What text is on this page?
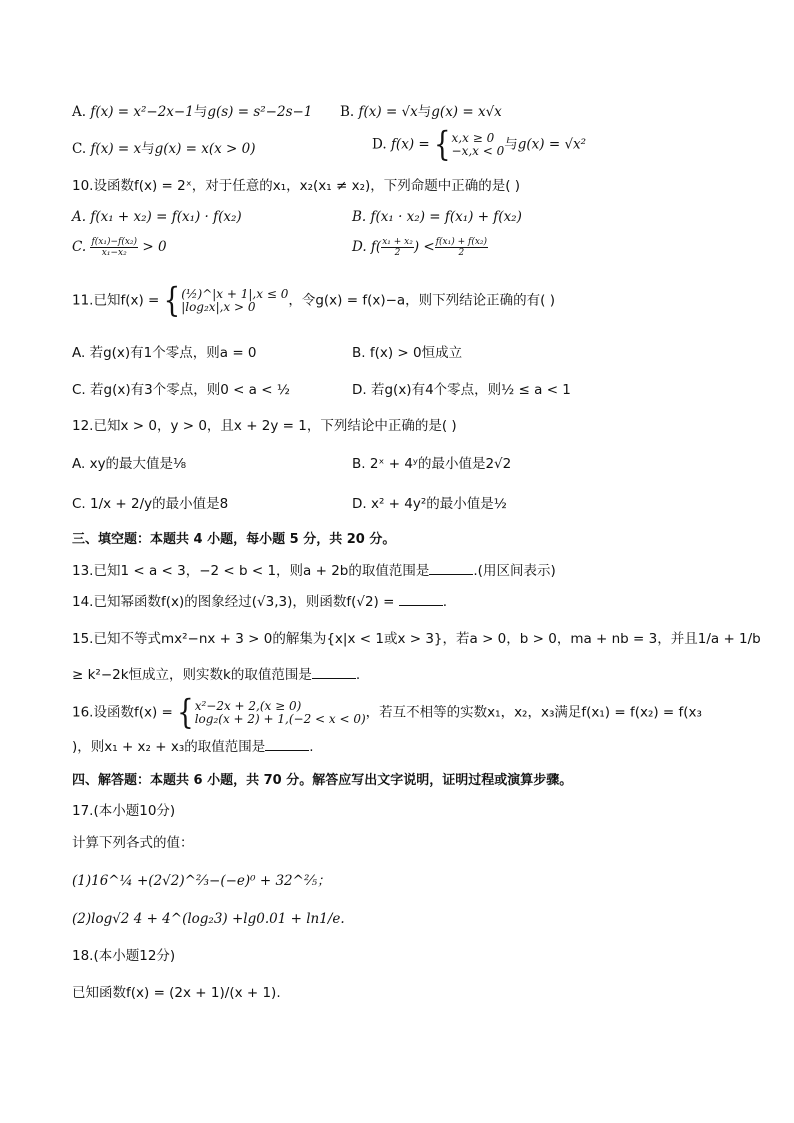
A. f(x) = x²−2x−1与g(s) = s²−2s−1 B. f(x) = √x与g(x) = x√x
C. f(x) = x与g(x) = x(x > 0)	D. f(x) = { x,x ≥ 0
−x,x < 0 与g(x) = √x²
10.设函数f(x) = 2ˣ，对于任意的x₁，x₂(x₁ ≠ x₂)，下列命题中正确的是( )
A. f(x₁ + x₂) = f(x₁) · f(x₂)	B. f(x₁ · x₂) = f(x₁) + f(x₂)
C. $\frac{\text{f(x₁)−f(x₂)}}{\text{x₁−x₂}} > 0$	D. $f( \frac{\text{x₁ + x₂}}{2}$ ) < $\frac{\text{f(x₁) + f(x₂)}}{2}$
11.已知f(x) = { (½)^|x + 1|,x ≤ 0
|log₂x|,x > 0	，令g(x) = f(x)−a，则下列结论正确的有( )
A. 若g(x)有1个零点，则a = 0	B. f(x) > 0恒成立
C. 若g(x)有3个零点，则0 < a < ½	D. 若g(x)有4个零点，则½ ≤ a < 1
12.已知x > 0，y > 0，且x + 2y = 1，下列结论中正确的是( )
A. xy的最大值是⅛	B. 2ˣ + 4ʸ的最小值是2√2
C. 1/x + 2/y的最小值是8	D. x² + 4y²的最小值是½
三、填空题：本题共 4 小题，每小题 5 分，共 20 分。
13.已知1 < a < 3，−2 < b < 1，则a + 2b的取值范围是	.(用区间表示)
14.已知幂函数f(x)的图象经过(√3,3)，则函数f(√2) =	.
15.已知不等式mx²−nx + 3 > 0的解集为{x|x < 1或x > 3}，若a > 0，b > 0，ma + nb = 3，并且1/a + 1/b
≥ k²−2k恒成立，则实数k的取值范围是	.
16.设函数f(x) = { x²−2x + 2,(x ≥ 0)
log₂(x + 2) + 1,(−2 < x < 0) ，若互不相等的实数x₁，x₂，x₃满足f(x₁) = f(x₂) = f(x₃
)，则x₁ + x₂ + x₃的取值范围是	.
四、解答题：本题共 6 小题，共 70 分。解答应写出文字说明，证明过程或演算步骤。
17.(本小题10分)
计算下列各式的值：
(1)16^¼ +(2√2)^⅔−(−e)⁰ + 32^⅖；
(2)log√2 4 + 4^(log₂3) +lg0.01 + ln1/e.
18.(本小题12分)
已知函数f(x) = (2x + 1)/(x + 1).
